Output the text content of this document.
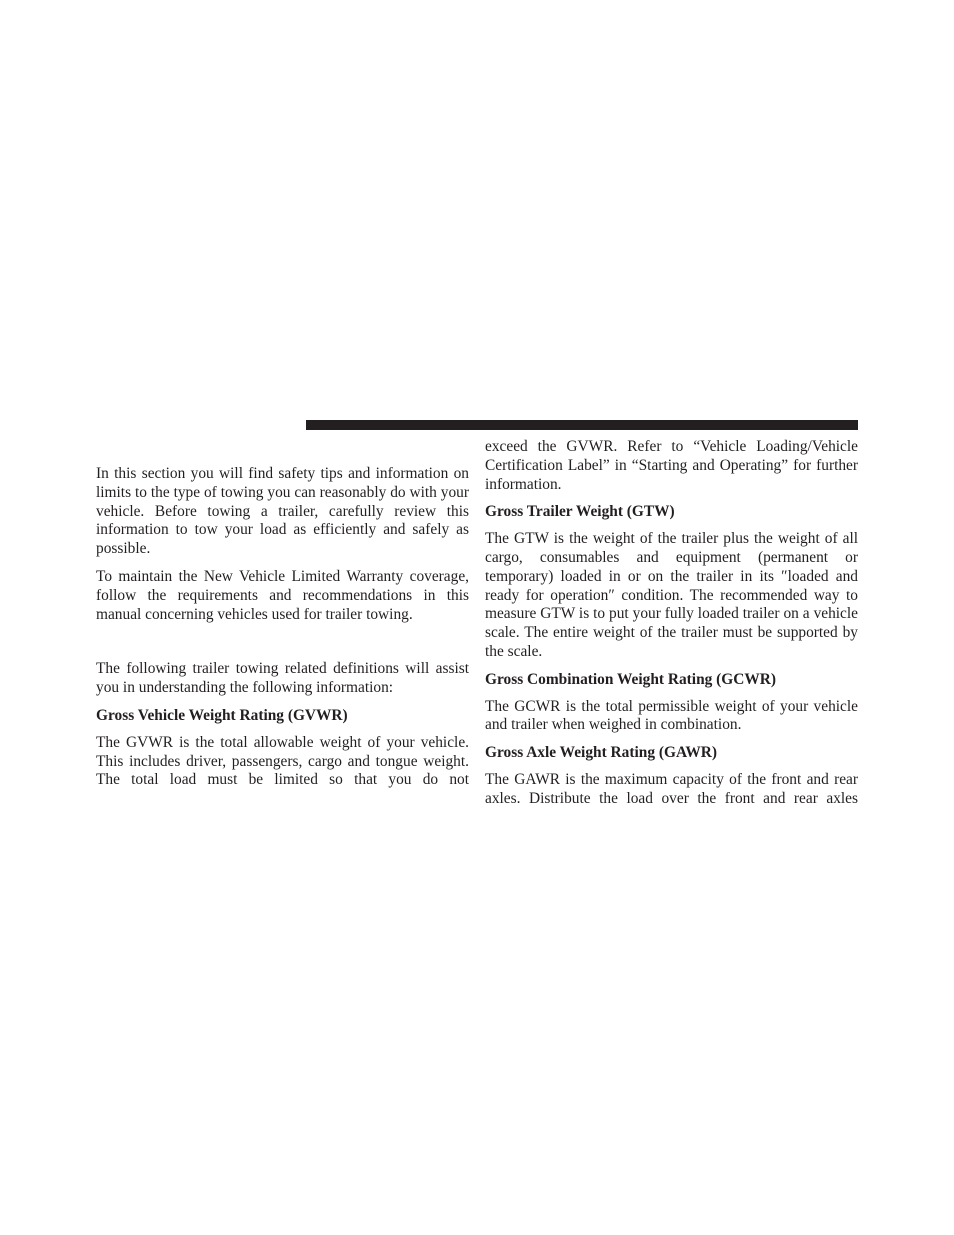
In this section you will find safety tips and information on limits to the type of towing you can reasonably do with your vehicle. Before towing a trailer, carefully review this information to tow your load as efficiently and safely as possible.

To maintain the New Vehicle Limited Warranty coverage, follow the requirements and recommendations in this manual concerning vehicles used for trailer towing.

The following trailer towing related definitions will assist you in understanding the following information:

Gross Vehicle Weight Rating (GVWR)

The GVWR is the total allowable weight of your vehicle. This includes driver, passengers, cargo and tongue weight. The total load must be limited so that you do not

exceed the GVWR. Refer to “Vehicle Loading/Vehicle Certification Label” in “Starting and Operating” for further information.

Gross Trailer Weight (GTW)

The GTW is the weight of the trailer plus the weight of all cargo, consumables and equipment (permanent or temporary) loaded in or on the trailer in its ″loaded and ready for operation″ condition. The recommended way to measure GTW is to put your fully loaded trailer on a vehicle scale. The entire weight of the trailer must be supported by the scale.

Gross Combination Weight Rating (GCWR)

The GCWR is the total permissible weight of your vehicle and trailer when weighed in combination.

Gross Axle Weight Rating (GAWR)

The GAWR is the maximum capacity of the front and rear axles. Distribute the load over the front and rear axles
